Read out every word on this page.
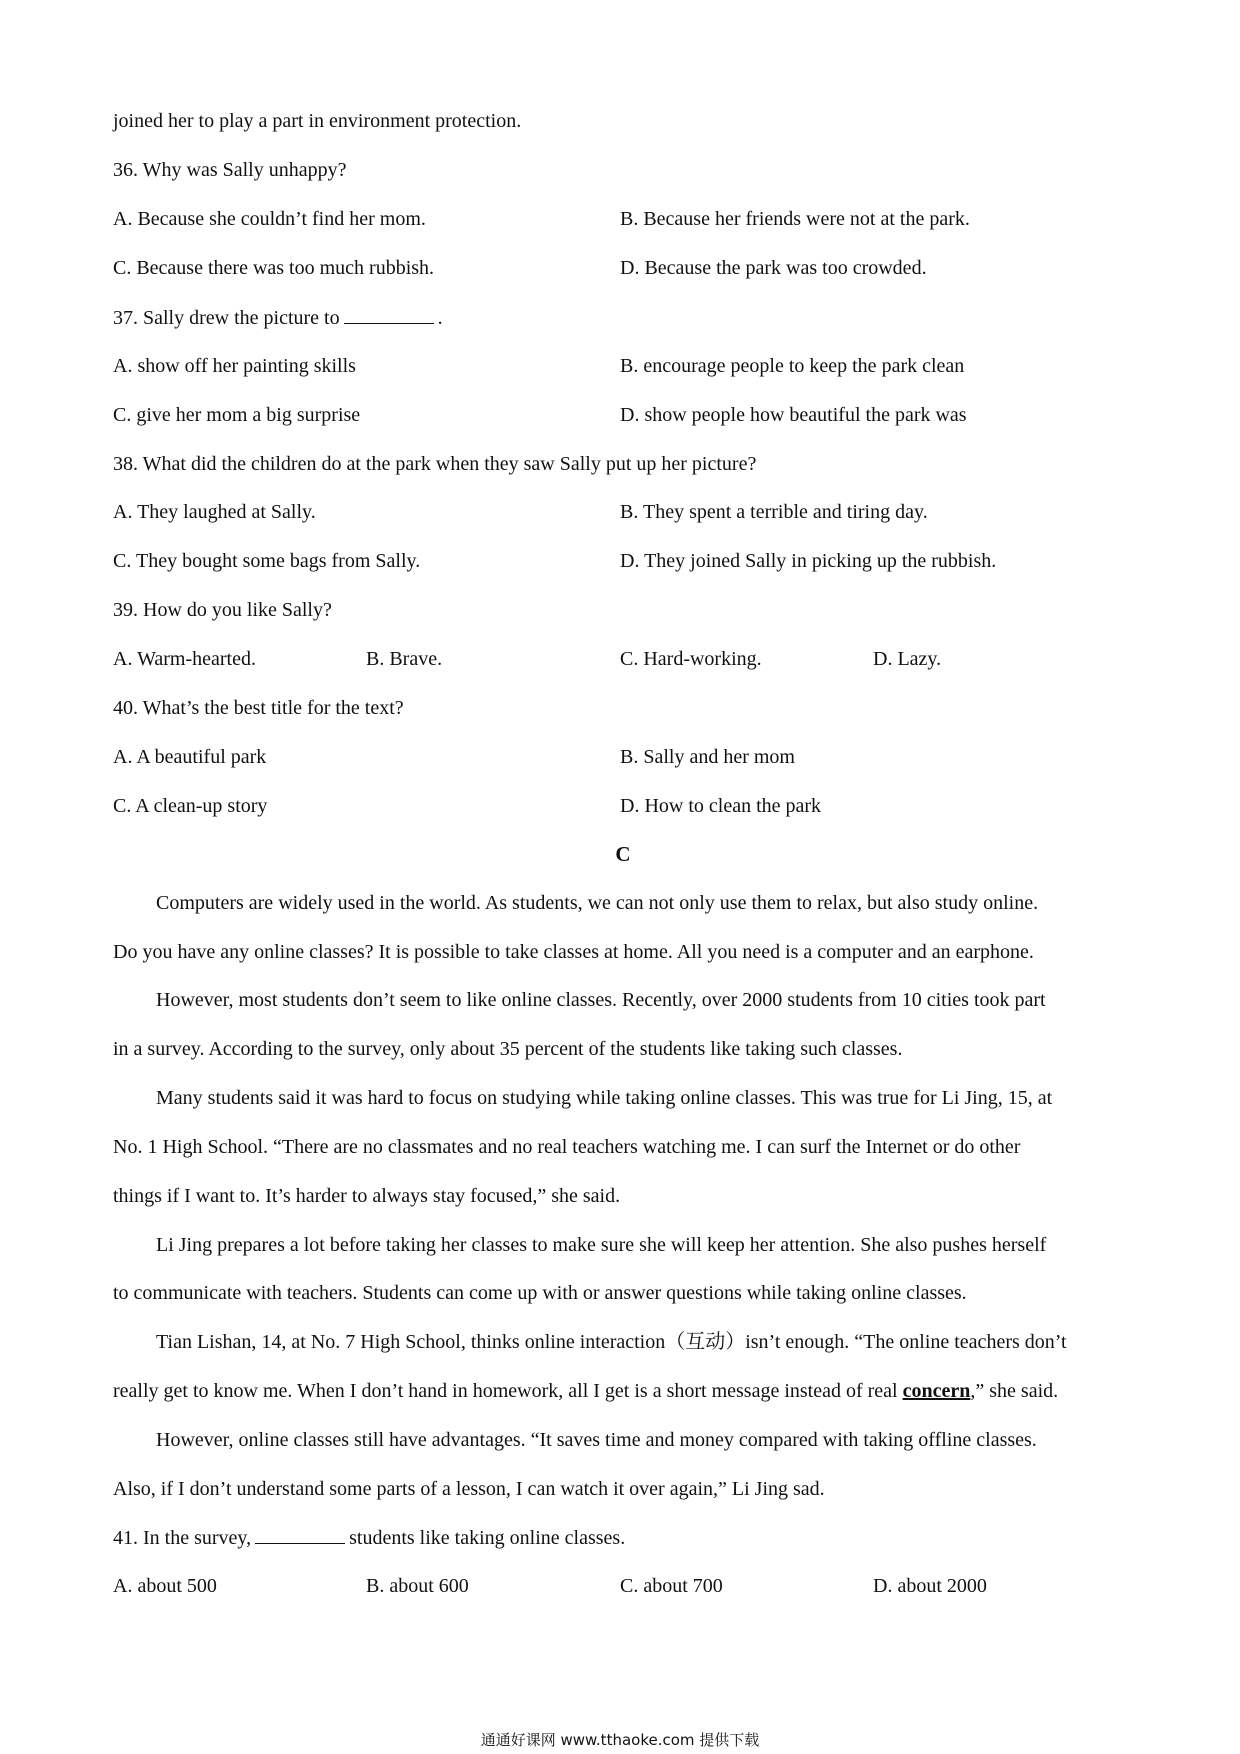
joined her to play a part in environment protection.
36. Why was Sally unhappy?
A. Because she couldn’t find her mom.	B. Because her friends were not at the park.
C. Because there was too much rubbish.	D. Because the park was too crowded.
37. Sally drew the picture to	.
A. show off her painting skills	B. encourage people to keep the park clean
C. give her mom a big surprise	D. show people how beautiful the park was
38. What did the children do at the park when they saw Sally put up her picture?
A. They laughed at Sally.	B. They spent a terrible and tiring day.
C. They bought some bags from Sally.	D. They joined Sally in picking up the rubbish.
39. How do you like Sally?
A. Warm-hearted.	B. Brave.	C. Hard-working.	D. Lazy.
40. What’s the best title for the text?
A. A beautiful park	B. Sally and her mom
C. A clean-up story	D. How to clean the park
C
Computers are widely used in the world. As students, we can not only use them to relax, but also study online.
Do you have any online classes? It is possible to take classes at home. All you need is a computer and an earphone.
However, most students don’t seem to like online classes. Recently, over 2000 students from 10 cities took part
in a survey. According to the survey, only about 35 percent of the students like taking such classes.
Many students said it was hard to focus on studying while taking online classes. This was true for Li Jing, 15, at
No. 1 High School. “There are no classmates and no real teachers watching me. I can surf the Internet or do other
things if I want to. It’s harder to always stay focused,” she said.
Li Jing prepares a lot before taking her classes to make sure she will keep her attention. She also pushes herself
to communicate with teachers. Students can come up with or answer questions while taking online classes.
Tian Lishan, 14, at No. 7 High School, thinks online interaction（互动）isn’t enough. “The online teachers don’t
really get to know me. When I don’t hand in homework, all I get is a short message instead of real concern,” she said.
However, online classes still have advantages. “It saves time and money compared with taking offline classes.
Also, if I don’t understand some parts of a lesson, I can watch it over again,” Li Jing sad.
41. In the survey,	students like taking online classes.
A. about 500	B. about 600	C. about 700	D. about 2000
通通好课网 www.tthaoke.com 提供下载
